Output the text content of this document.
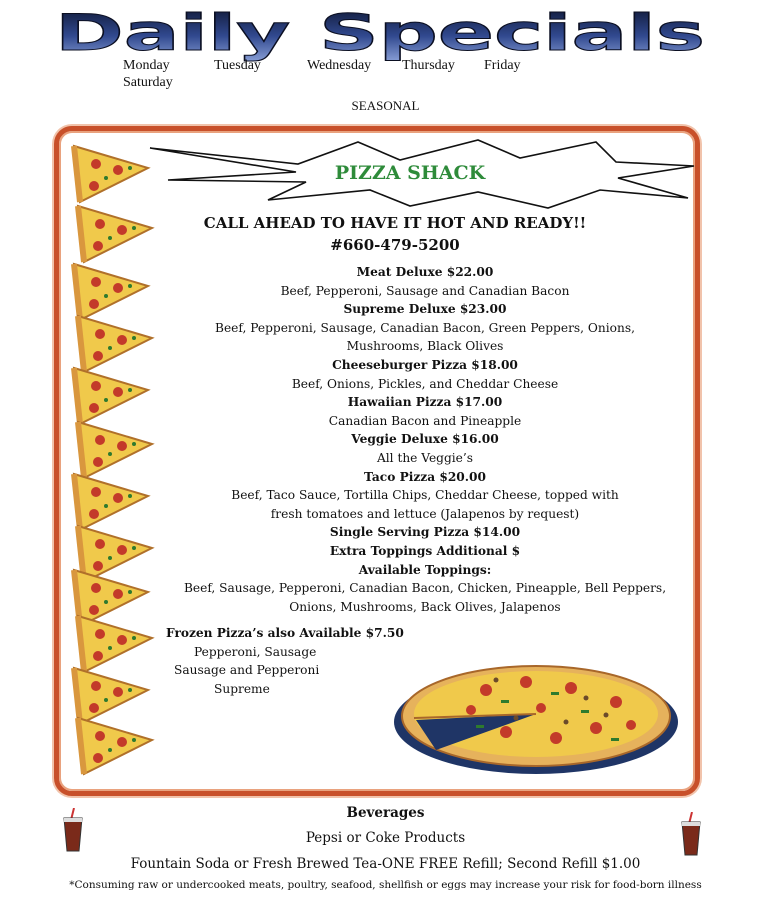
Daily Specials
Monday	Tuesday	Wednesday Thursday Friday
Saturday
SEASONAL
PIZZA SHACK
CALL AHEAD TO HAVE IT HOT AND READY!!
#660-479-5200
Meat Deluxe $22.00
Beef, Pepperoni, Sausage and Canadian Bacon
Supreme Deluxe $23.00
Beef, Pepperoni, Sausage, Canadian Bacon, Green Peppers, Onions,
Mushrooms, Black Olives
Cheeseburger Pizza $18.00
Beef, Onions, Pickles, and Cheddar Cheese
Hawaiian Pizza $17.00
Canadian Bacon and Pineapple
Veggie Deluxe $16.00
All the Veggie’s
Taco Pizza $20.00
Beef, Taco Sauce, Tortilla Chips, Cheddar Cheese, topped with
fresh tomatoes and lettuce (Jalapenos by request)
Single Serving Pizza $14.00
Extra Toppings Additional $
Available Toppings:
Beef, Sausage, Pepperoni, Canadian Bacon, Chicken, Pineapple, Bell Peppers,
Onions, Mushrooms, Back Olives, Jalapenos
Frozen Pizza’s also Available $7.50
Pepperoni, Sausage
Sausage and Pepperoni
Supreme
Beverages
Pepsi or Coke Products
Fountain Soda or Fresh Brewed Tea-ONE FREE Refill; Second Refill $1.00
*Consuming raw or undercooked meats, poultry, seafood, shellfish or eggs may increase your risk for food-born illness
